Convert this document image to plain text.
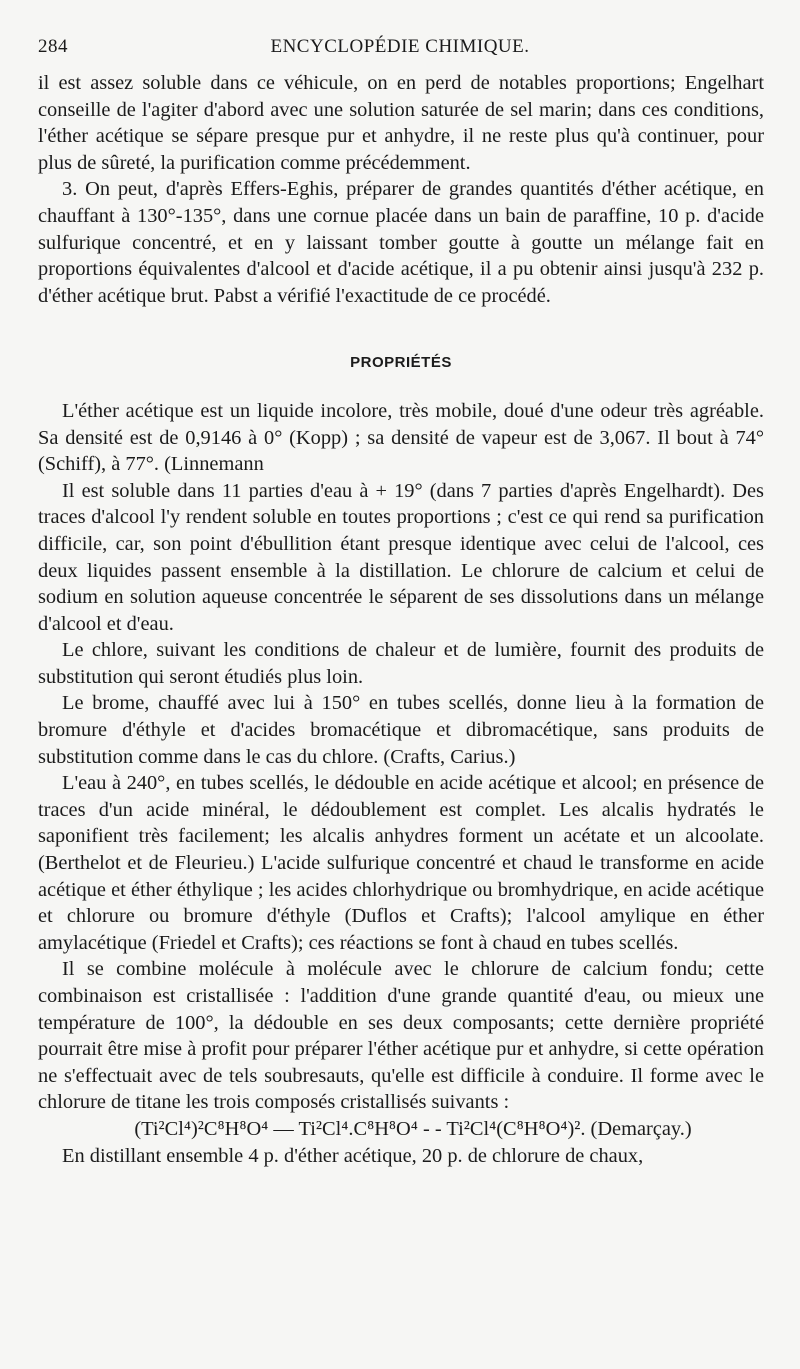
284	ENCYCLOPÉDIE CHIMIQUE.

il est assez soluble dans ce véhicule, on en perd de notables proportions; Engelhart conseille de l'agiter d'abord avec une solution saturée de sel marin; dans ces conditions, l'éther acétique se sépare presque pur et anhydre, il ne reste plus qu'à continuer, pour plus de sûreté, la purification comme précédemment.

3. On peut, d'après Effers-Eghis, préparer de grandes quantités d'éther acétique, en chauffant à 130°-135°, dans une cornue placée dans un bain de paraffine, 10 p. d'acide sulfurique concentré, et en y laissant tomber goutte à goutte un mélange fait en proportions équivalentes d'alcool et d'acide acétique, il a pu obtenir ainsi jusqu'à 232 p. d'éther acétique brut. Pabst a vérifié l'exactitude de ce procédé.

PROPRIÉTÉS

L'éther acétique est un liquide incolore, très mobile, doué d'une odeur très agréable. Sa densité est de 0,9146 à 0° (Kopp) ; sa densité de vapeur est de 3,067. Il bout à 74° (Schiff), à 77°. (Linnemann

Il est soluble dans 11 parties d'eau à + 19° (dans 7 parties d'après Engelhardt). Des traces d'alcool l'y rendent soluble en toutes proportions ; c'est ce qui rend sa purification difficile, car, son point d'ébullition étant presque identique avec celui de l'alcool, ces deux liquides passent ensemble à la distillation. Le chlorure de calcium et celui de sodium en solution aqueuse concentrée le séparent de ses dissolutions dans un mélange d'alcool et d'eau.

Le chlore, suivant les conditions de chaleur et de lumière, fournit des produits de substitution qui seront étudiés plus loin.

Le brome, chauffé avec lui à 150° en tubes scellés, donne lieu à la formation de bromure d'éthyle et d'acides bromacétique et dibromacétique, sans produits de substitution comme dans le cas du chlore. (Crafts, Carius.)

L'eau à 240°, en tubes scellés, le dédouble en acide acétique et alcool; en présence de traces d'un acide minéral, le dédoublement est complet. Les alcalis hydratés le saponifient très facilement; les alcalis anhydres forment un acétate et un alcoolate. (Berthelot et de Fleurieu.) L'acide sulfurique concentré et chaud le transforme en acide acétique et éther éthylique ; les acides chlorhydrique ou bromhydrique, en acide acétique et chlorure ou bromure d'éthyle (Duflos et Crafts); l'alcool amylique en éther amylacétique (Friedel et Crafts); ces réactions se font à chaud en tubes scellés.

Il se combine molécule à molécule avec le chlorure de calcium fondu; cette combinaison est cristallisée : l'addition d'une grande quantité d'eau, ou mieux une température de 100°, la dédouble en ses deux composants; cette dernière propriété pourrait être mise à profit pour préparer l'éther acétique pur et anhydre, si cette opération ne s'effectuait avec de tels soubresauts, qu'elle est difficile à conduire. Il forme avec le chlorure de titane les trois composés cristallisés suivants :

(Ti²Cl⁴)²C⁸H⁸O⁴ — Ti²Cl⁴.C⁸H⁸O⁴ - - Ti²Cl⁴(C⁸H⁸O⁴)². (Demarçay.)

En distillant ensemble 4 p. d'éther acétique, 20 p. de chlorure de chaux,
